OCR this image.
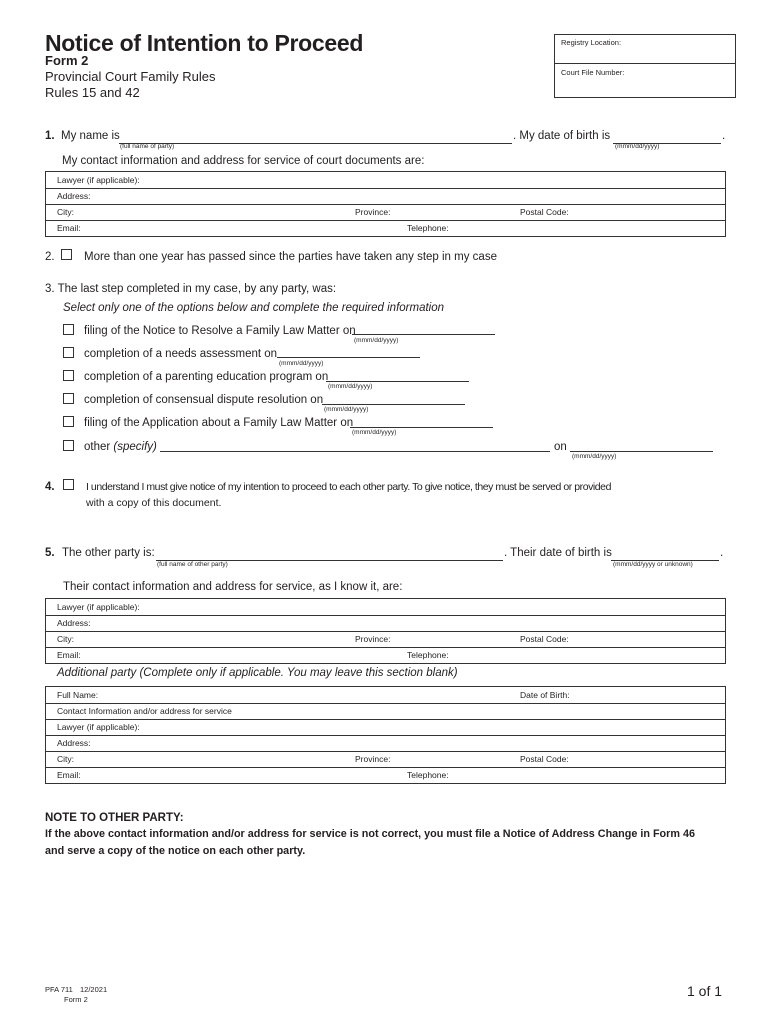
Notice of Intention to Proceed
Form 2
Provincial Court Family Rules
Rules 15 and 42
Registry Location:
Court File Number:
1. My name is
(full name of party)
. My date of birth is	.
(mmm/dd/yyyy)
My contact information and address for service of court documents are:
Lawyer (if applicable):
Address:
City:	Province:	Postal Code:
Email:	Telephone:
2.	More than one year has passed since the parties have taken any step in my case
3. The last step completed in my case, by any party, was:
Select only one of the options below and complete the required information
filing of the Notice to Resolve a Family Law Matter on
(mmm/dd/yyyy)
completion of a needs assessment on
(mmm/dd/yyyy)
completion of a parenting education program on
(mmm/dd/yyyy)
completion of consensual dispute resolution on
(mmm/dd/yyyy)
filing of the Application about a Family Law Matter on
(mmm/dd/yyyy)
other (specify)	on
(mmm/dd/yyyy)
4.	I understand I must give notice of my intention to proceed to each other party. To give notice, they must be served or provided
with a copy of this document.
5. The other party is:
(full name of other party)
. Their date of birth is	.
(mmm/dd/yyyy or unknown)
Their contact information and address for service, as I know it, are:
Lawyer (if applicable):
Address:
City:	Province:	Postal Code:
Email:	Telephone:
Additional party (Complete only if applicable. You may leave this section blank)
Full Name:	Date of Birth:
Contact Information and/or address for service
Lawyer (if applicable):
Address:
City:	Province:	Postal Code:
Email:	Telephone:
NOTE TO OTHER PARTY:
If the above contact information and/or address for service is not correct, you must file a Notice of Address Change in Form 46
and serve a copy of the notice on each other party.
PFA 711 12/2021
Form 2
1 of 1
